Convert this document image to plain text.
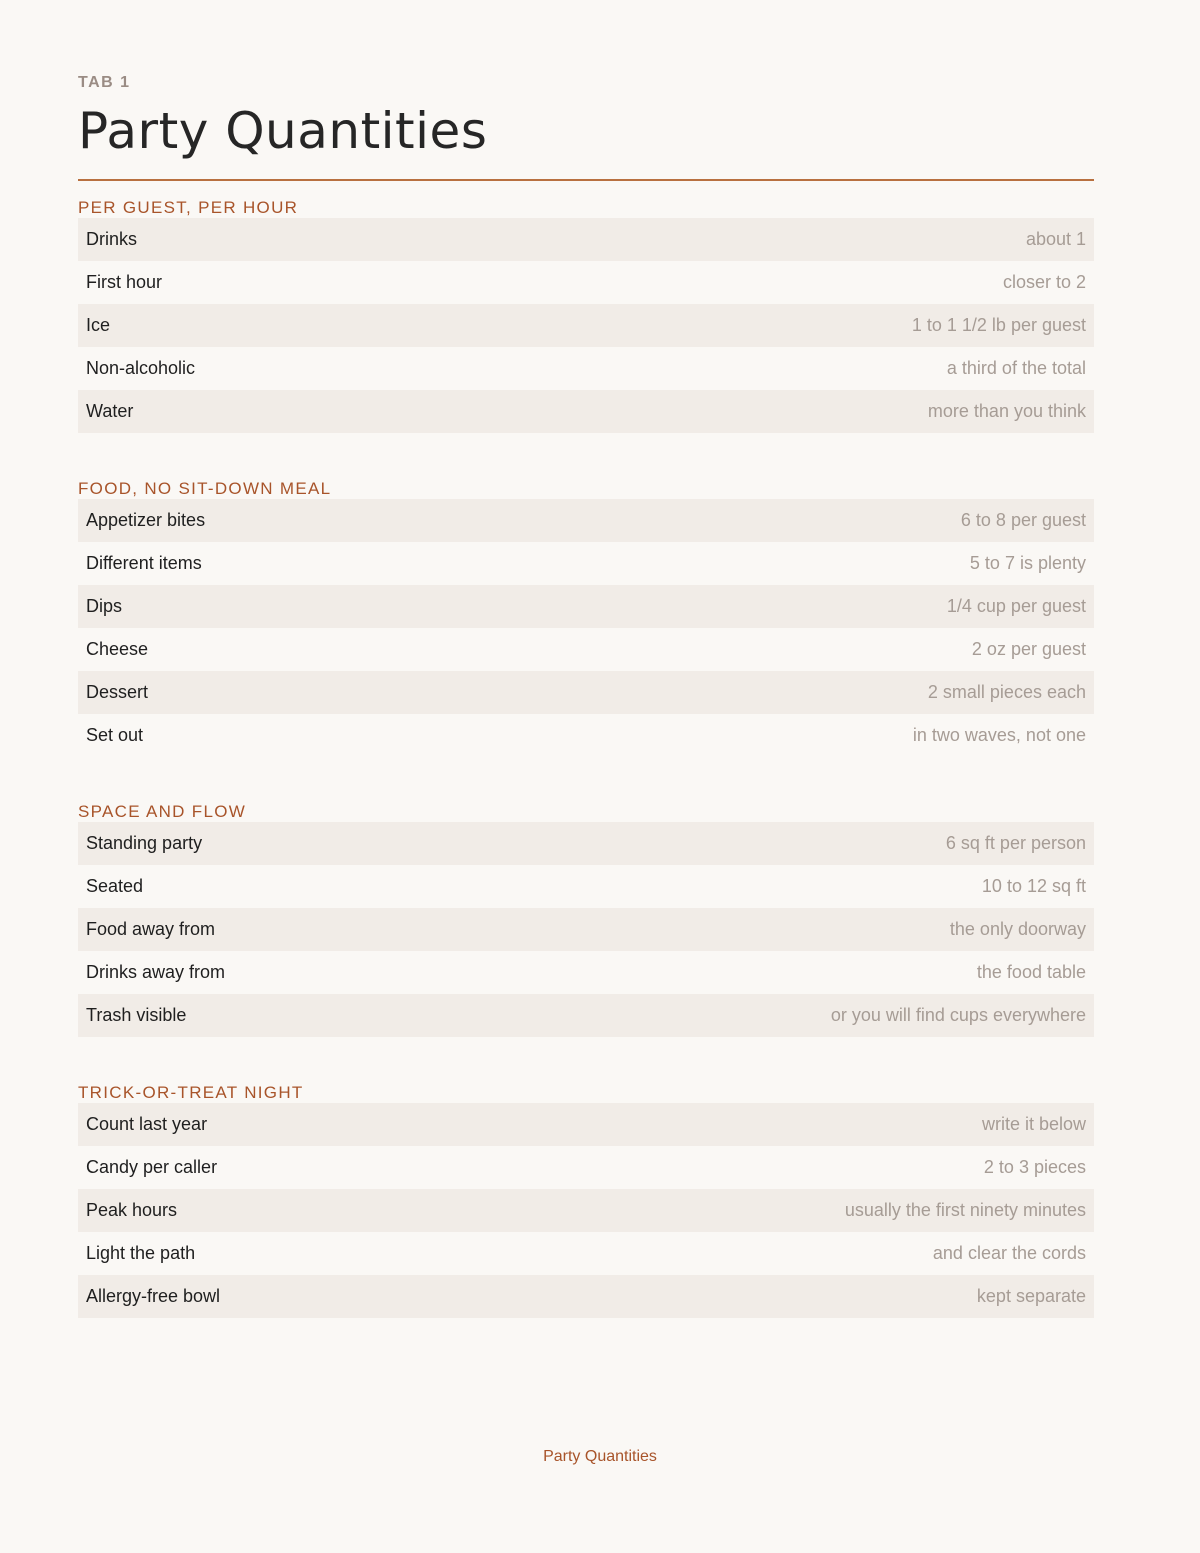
TAB 1
Party Quantities
PER GUEST, PER HOUR
Drinks	about 1
First hour	closer to 2
Ice	1 to 1 1/2 lb per guest
Non-alcoholic	a third of the total
Water	more than you think
FOOD, NO SIT-DOWN MEAL
Appetizer bites	6 to 8 per guest
Different items	5 to 7 is plenty
Dips	1/4 cup per guest
Cheese	2 oz per guest
Dessert	2 small pieces each
Set out	in two waves, not one
SPACE AND FLOW
Standing party	6 sq ft per person
Seated	10 to 12 sq ft
Food away from	the only doorway
Drinks away from	the food table
Trash visible	or you will find cups everywhere
TRICK-OR-TREAT NIGHT
Count last year	write it below
Candy per caller	2 to 3 pieces
Peak hours	usually the first ninety minutes
Light the path	and clear the cords
Allergy-free bowl	kept separate
Party Quantities
